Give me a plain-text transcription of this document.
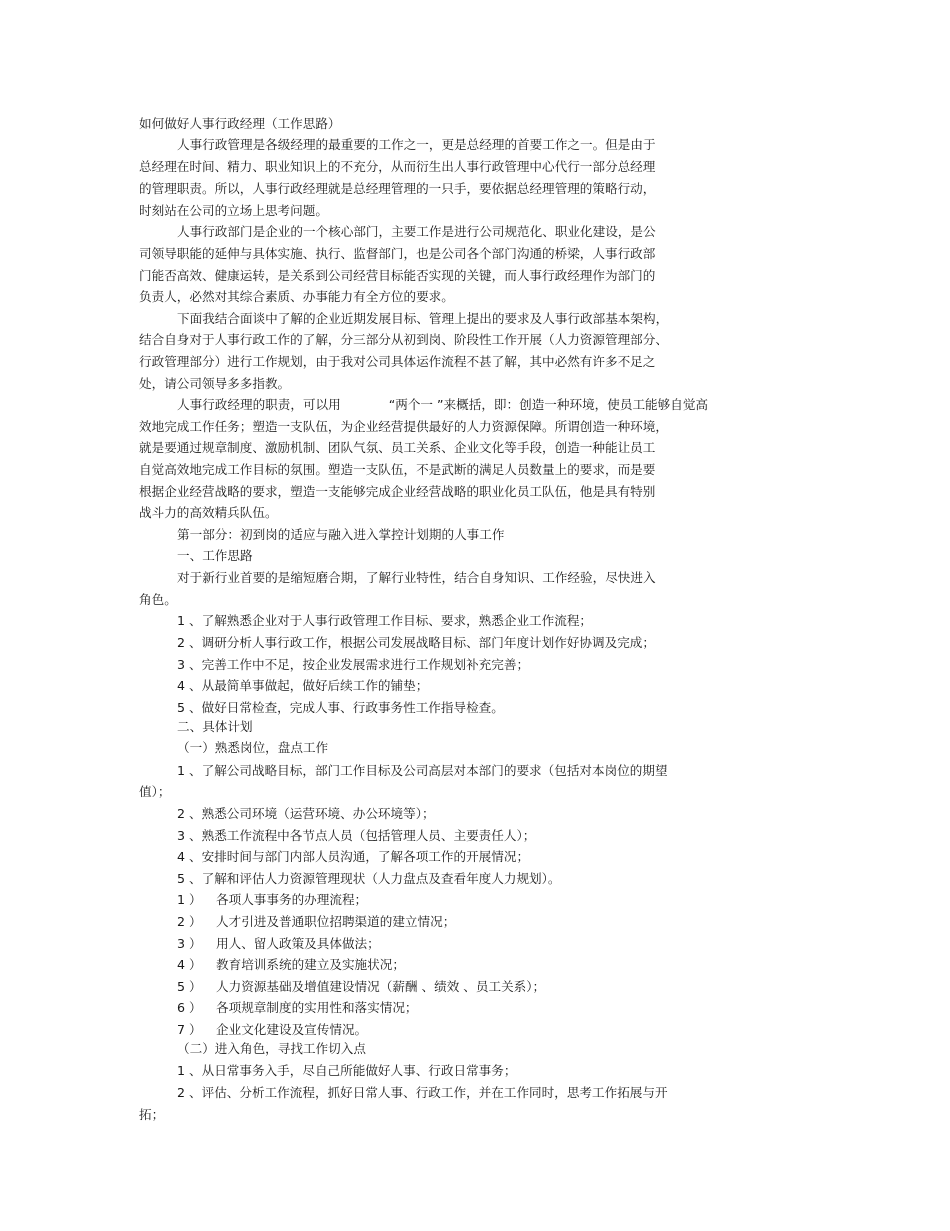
如何做好人事行政经理（工作思路）
人事行政管理是各级经理的最重要的工作之一，更是总经理的首要工作之一。但是由于
总经理在时间、精力、职业知识上的不充分，从而衍生出人事行政管理中心代行一部分总经理
的管理职责。所以，人事行政经理就是总经理管理的一只手，要依据总经理管理的策略行动，
时刻站在公司的立场上思考问题。
人事行政部门是企业的一个核心部门，主要工作是进行公司规范化、职业化建设，是公
司领导职能的延伸与具体实施、执行、监督部门，也是公司各个部门沟通的桥梁，人事行政部
门能否高效、健康运转，是关系到公司经营目标能否实现的关键，而人事行政经理作为部门的
负责人，必然对其综合素质、办事能力有全方位的要求。
下面我结合面谈中了解的企业近期发展目标、管理上提出的要求及人事行政部基本架构，
结合自身对于人事行政工作的了解，分三部分从初到岗、阶段性工作开展（人力资源管理部分、
行政管理部分）进行工作规划，由于我对公司具体运作流程不甚了解，其中必然有许多不足之
处，请公司领导多多指教。
人事行政经理的职责，可以用	“两个一 ”来概括，即：创造一种环境，使员工能够自觉高
效地完成工作任务；塑造一支队伍，为企业经营提供最好的人力资源保障。所谓创造一种环境，
就是要通过规章制度、激励机制、团队气氛、员工关系、企业文化等手段，创造一种能让员工
自觉高效地完成工作目标的氛围。塑造一支队伍，不是武断的满足人员数量上的要求，而是要
根据企业经营战略的要求，塑造一支能够完成企业经营战略的职业化员工队伍，他是具有特别
战斗力的高效精兵队伍。
第一部分：初到岗的适应与融入进入掌控计划期的人事工作
一、工作思路
对于新行业首要的是缩短磨合期，了解行业特性，结合自身知识、工作经验，尽快进入
角色。
1 、了解熟悉企业对于人事行政管理工作目标、要求，熟悉企业工作流程；
2 、调研分析人事行政工作，根据公司发展战略目标、部门年度计划作好协调及完成；
3 、完善工作中不足，按企业发展需求进行工作规划补充完善；
4 、从最简单事做起，做好后续工作的铺垫；
5 、做好日常检查，完成人事、行政事务性工作指导检查。
二、具体计划
（一）熟悉岗位，盘点工作
1 、了解公司战略目标，部门工作目标及公司高层对本部门的要求（包括对本岗位的期望
值）；
2 、熟悉公司环境（运营环境、办公环境等）；
3 、熟悉工作流程中各节点人员（包括管理人员、主要责任人）；
4 、安排时间与部门内部人员沟通，了解各项工作的开展情况；
5 、了解和评估人力资源管理现状（人力盘点及查看年度人力规划）。
1 ） 各项人事事务的办理流程；
2 ） 人才引进及普通职位招聘渠道的建立情况；
3 ） 用人、留人政策及具体做法；
4 ） 教育培训系统的建立及实施状况；
5 ） 人力资源基础及增值建设情况（薪酬 、绩效 、员工关系）；
6 ） 各项规章制度的实用性和落实情况；
7 ） 企业文化建设及宣传情况。
（二）进入角色，寻找工作切入点
1 、从日常事务入手，尽自己所能做好人事、行政日常事务；
2 、评估、分析工作流程，抓好日常人事、行政工作，并在工作同时，思考工作拓展与开
拓；
